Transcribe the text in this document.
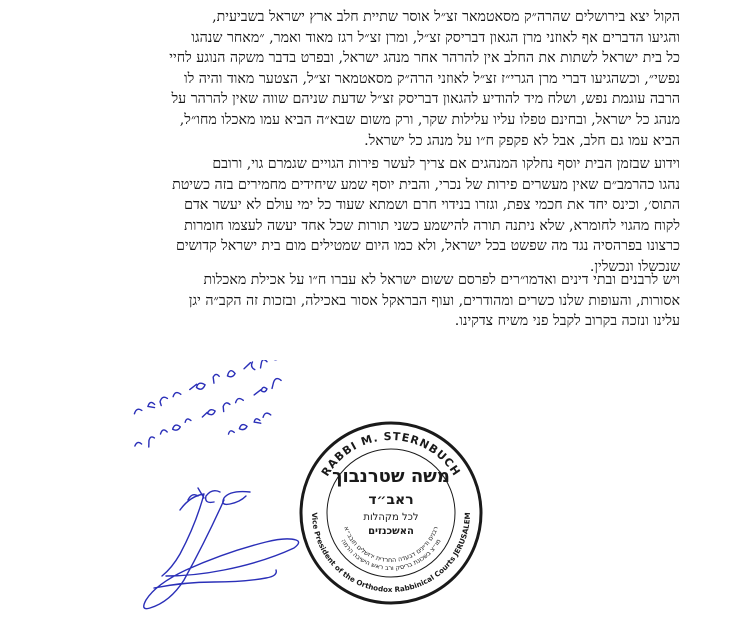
הקול יצא בירושלים שהרה״ק מסאטמאר זצ״ל אוסר שתיית חלב ארץ ישראל בשביעית,
והגיעו הדברים אף לאוזני מרן הגאון דבריסק זצ״ל, ומרן זצ״ל רגז מאוד ואמר, ״מאחר שנהגו
כל בית ישראל לשתות את החלב אין להרהר אחר מנהג ישראל, ובפרט בדבר משקה הנוגע לחיי
נפשי״, וכשהגיעו דברי מרן הגרי״ז זצ״ל לאוזני הרה״ק מסאטמאר זצ״ל, הצטער מאוד והיה לו
הרבה עוגמת נפש, ושלח מיד להודיע להגאון דבריסק זצ״ל שדעת שניהם שווה שאין להרהר על
מנהג כל ישראל, ובחינם טפלו עליו עלילות שקר, ורק משום שבא״ה הביא עמו מאכלו מחו״ל,
הביא עמו גם חלב, אבל לא פקפק ח״ו על מנהג כל ישראל.
וידוע שבזמן הבית יוסף נחלקו המנהגים אם צריך לעשר פירות הגויים שגמרם גוי, ורובם
נהגו כהרמב״ם שאין מעשרים פירות של נכרי, והבית יוסף שמע שיחידים מחמירים בזה כשיטת
התוס׳, וכינס יחד את חכמי צפת, וגזרו בנידוי חרם ושמתא שעוד כל ימי עולם לא יעשר אדם
לקוח מהגוי לחומרא, שלא ניתנה תורה להישמע כשני תורות שכל אחד יעשה לעצמו חומרות
כרצונו בפרהסיה נגד מה שפשט בכל ישראל, ולא כמו היום שמטילים מום בית ישראל קדושים
שנכשלו ונכשלין.
ויש לרבנים ובתי דינים ואדמו״רים לפרסם ששום ישראל לא עברו ח״ו על אכילת מאכלות
אסורות, והעופות שלנו כשרים ומהודרים, ועוף הבראקל אסור באכילה, ובזכות זה הקב״ה יגן
עלינו ונזכה בקרוב לקבל פני משיח צדקינו.
RABBI M. STERNBUCH
Vice President of the Orthodox Rabbinical Courts JERUSALEM
מו״צ בשכונת בריסק ורב ראש הישיבה הרמה
רבנים ודיינים דבעדה החרדית ירושלים תובב״א
משה שטרנבוך
ראב״ד
לכל מקהלות
האשכנזים
